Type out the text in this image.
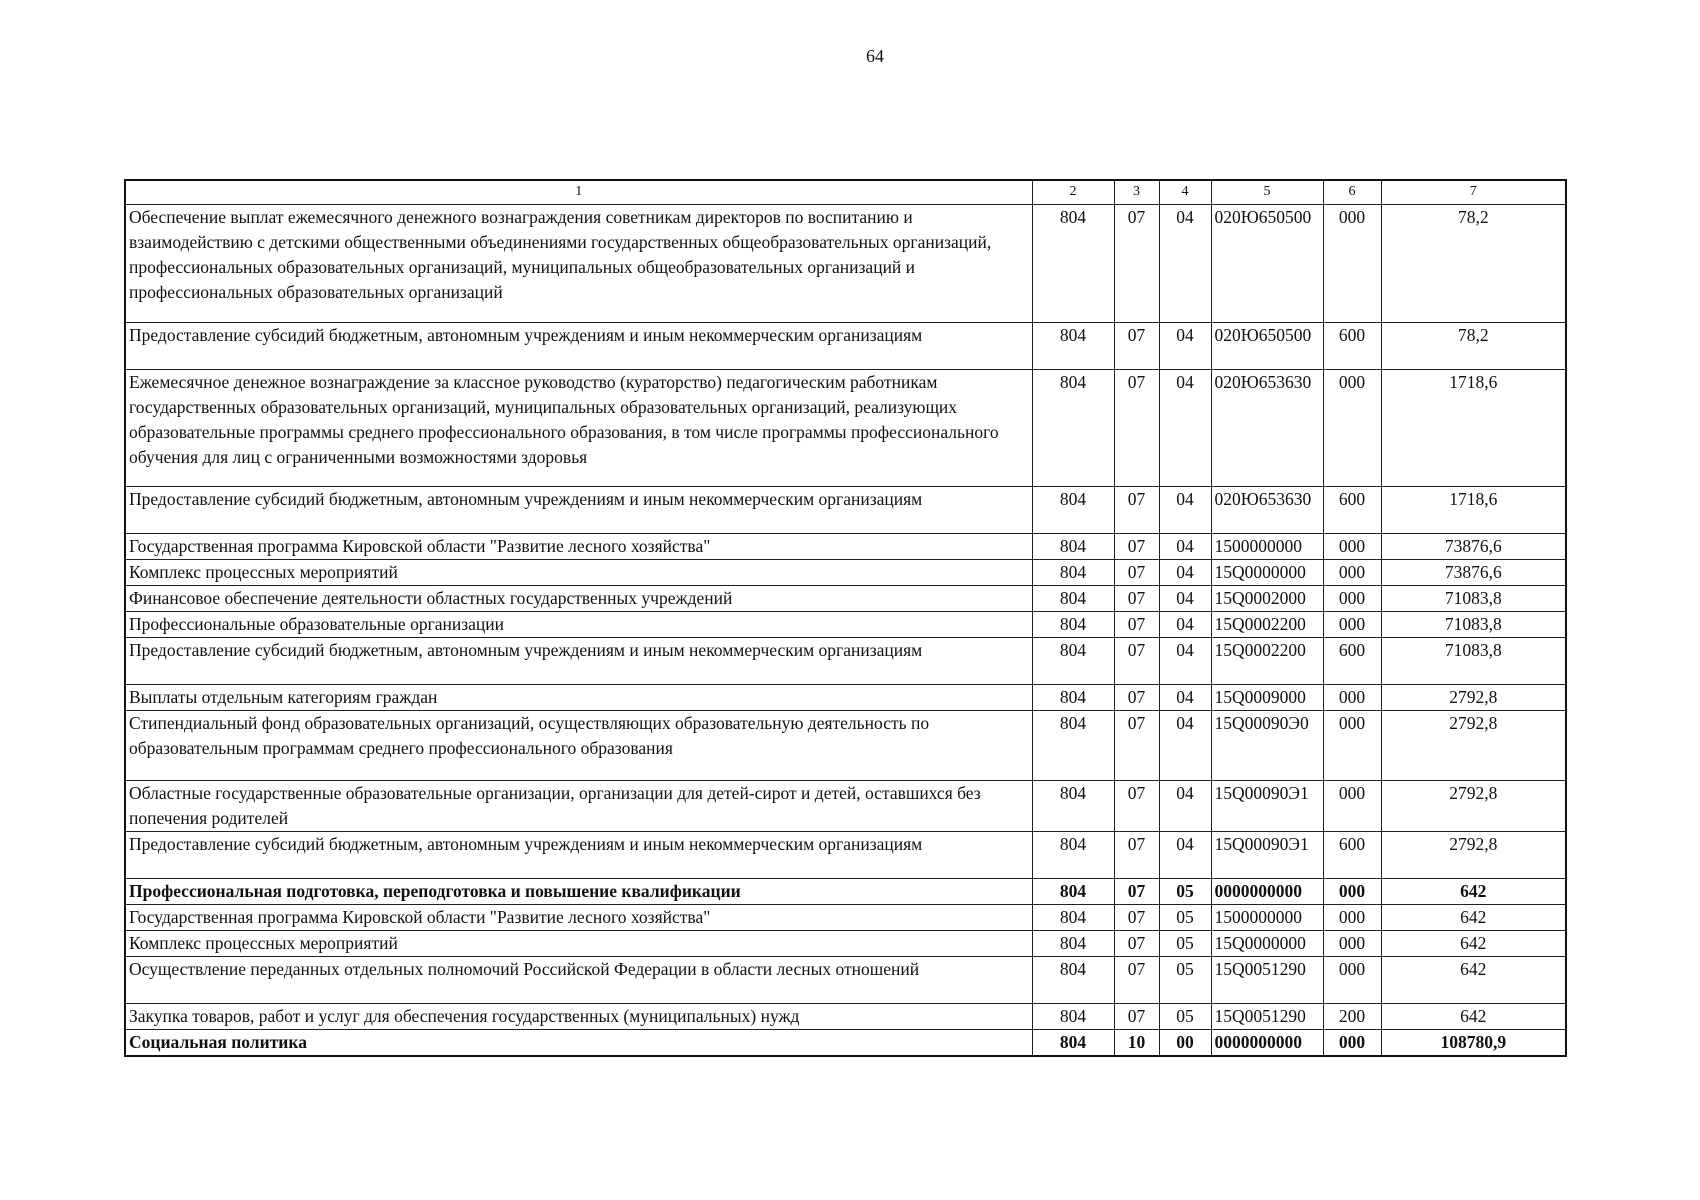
64
1	2	3	4	5	6	7
Обеспечение выплат ежемесячного денежного вознаграждения советникам директоров по воспитанию и взаимодействию с детскими общественными объединениями государственных общеобразовательных организаций, профессиональных образовательных организаций, муниципальных общеобразовательных организаций и профессиональных образовательных организаций	804	07	04	020Ю650500	000	78,2
Предоставление субсидий бюджетным, автономным учреждениям и иным некоммерческим организациям	804	07	04	020Ю650500	600	78,2
Ежемесячное денежное вознаграждение за классное руководство (кураторство) педагогическим работникам государственных образовательных организаций, муниципальных образовательных организаций, реализующих образовательные программы среднего профессионального образования, в том числе программы профессионального обучения для лиц с ограниченными возможностями здоровья	804	07	04	020Ю653630	000	1718,6
Предоставление субсидий бюджетным, автономным учреждениям и иным некоммерческим организациям	804	07	04	020Ю653630	600	1718,6
Государственная программа Кировской области "Развитие лесного хозяйства"	804	07	04	1500000000	000	73876,6
Комплекс процессных мероприятий	804	07	04	15Q0000000	000	73876,6
Финансовое обеспечение деятельности областных государственных учреждений	804	07	04	15Q0002000	000	71083,8
Профессиональные образовательные организации	804	07	04	15Q0002200	000	71083,8
Предоставление субсидий бюджетным, автономным учреждениям и иным некоммерческим организациям	804	07	04	15Q0002200	600	71083,8
Выплаты отдельным категориям граждан	804	07	04	15Q0009000	000	2792,8
Стипендиальный фонд образовательных организаций, осуществляющих образовательную деятельность по образовательным программам среднего профессионального образования	804	07	04	15Q00090Э0	000	2792,8
Областные государственные образовательные организации, организации для детей-сирот и детей, оставшихся без попечения родителей	804	07	04	15Q00090Э1	000	2792,8
Предоставление субсидий бюджетным, автономным учреждениям и иным некоммерческим организациям	804	07	04	15Q00090Э1	600	2792,8
Профессиональная подготовка, переподготовка и повышение квалификации	804	07	05	0000000000	000	642
Государственная программа Кировской области "Развитие лесного хозяйства"	804	07	05	1500000000	000	642
Комплекс процессных мероприятий	804	07	05	15Q0000000	000	642
Осуществление переданных отдельных полномочий Российской Федерации в области лесных отношений	804	07	05	15Q0051290	000	642
Закупка товаров, работ и услуг для обеспечения государственных (муниципальных) нужд	804	07	05	15Q0051290	200	642
Социальная политика	804	10	00	0000000000	000	108780,9
